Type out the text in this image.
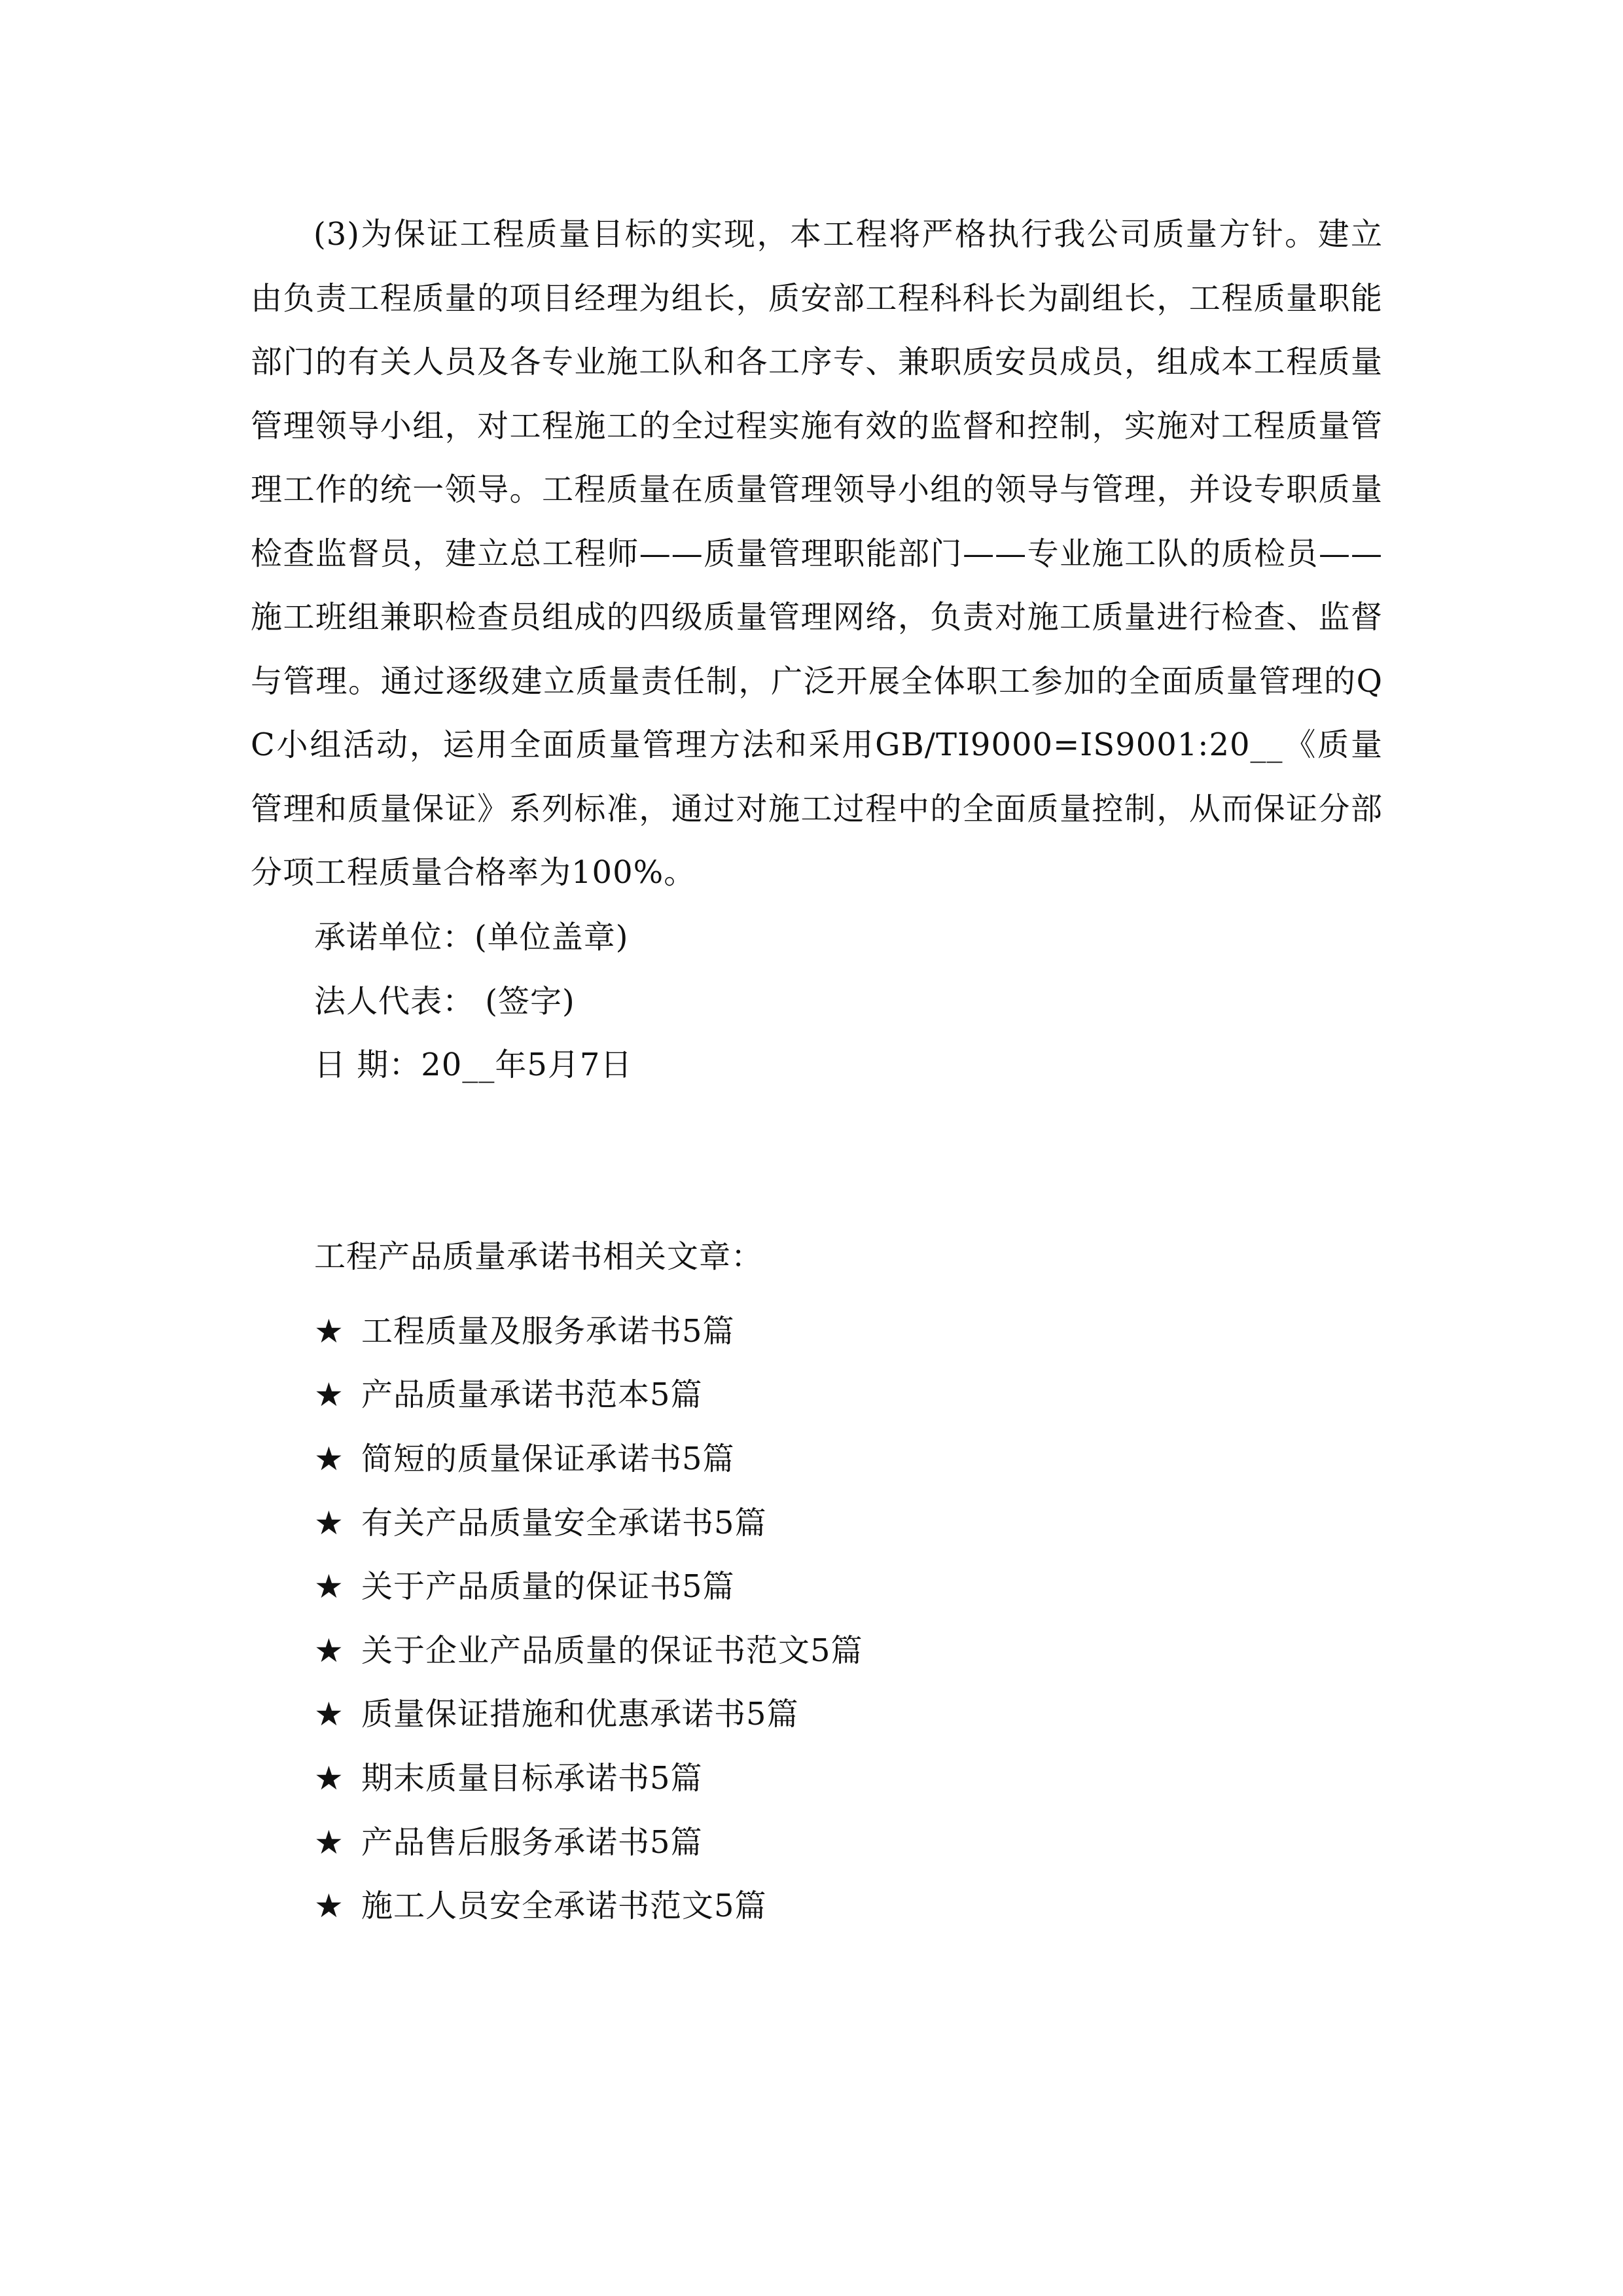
(3)为保证工程质量目标的实现，本工程将严格执行我公司质量方针。建立由负责工程质量的项目经理为组长，质安部工程科科长为副组长，工程质量职能部门的有关人员及各专业施工队和各工序专、兼职质安员成员，组成本工程质量管理领导小组，对工程施工的全过程实施有效的监督和控制，实施对工程质量管理工作的统一领导。工程质量在质量管理领导小组的领导与管理，并设专职质量检查监督员，建立总工程师——质量管理职能部门——专业施工队的质检员——施工班组兼职检查员组成的四级质量管理网络，负责对施工质量进行检查、监督与管理。通过逐级建立质量责任制，广泛开展全体职工参加的全面质量管理的QC小组活动，运用全面质量管理方法和采用GB/TI9000=IS9001:20__《质量管理和质量保证》系列标准，通过对施工过程中的全面质量控制，从而保证分部分项工程质量合格率为100%。

承诺单位：(单位盖章)
法人代表： (签字)
日 期：20__年5月7日
工程产品质量承诺书相关文章：
★ 工程质量及服务承诺书5篇
★ 产品质量承诺书范本5篇
★ 简短的质量保证承诺书5篇
★ 有关产品质量安全承诺书5篇
★ 关于产品质量的保证书5篇
★ 关于企业产品质量的保证书范文5篇
★ 质量保证措施和优惠承诺书5篇
★ 期末质量目标承诺书5篇
★ 产品售后服务承诺书5篇
★ 施工人员安全承诺书范文5篇
